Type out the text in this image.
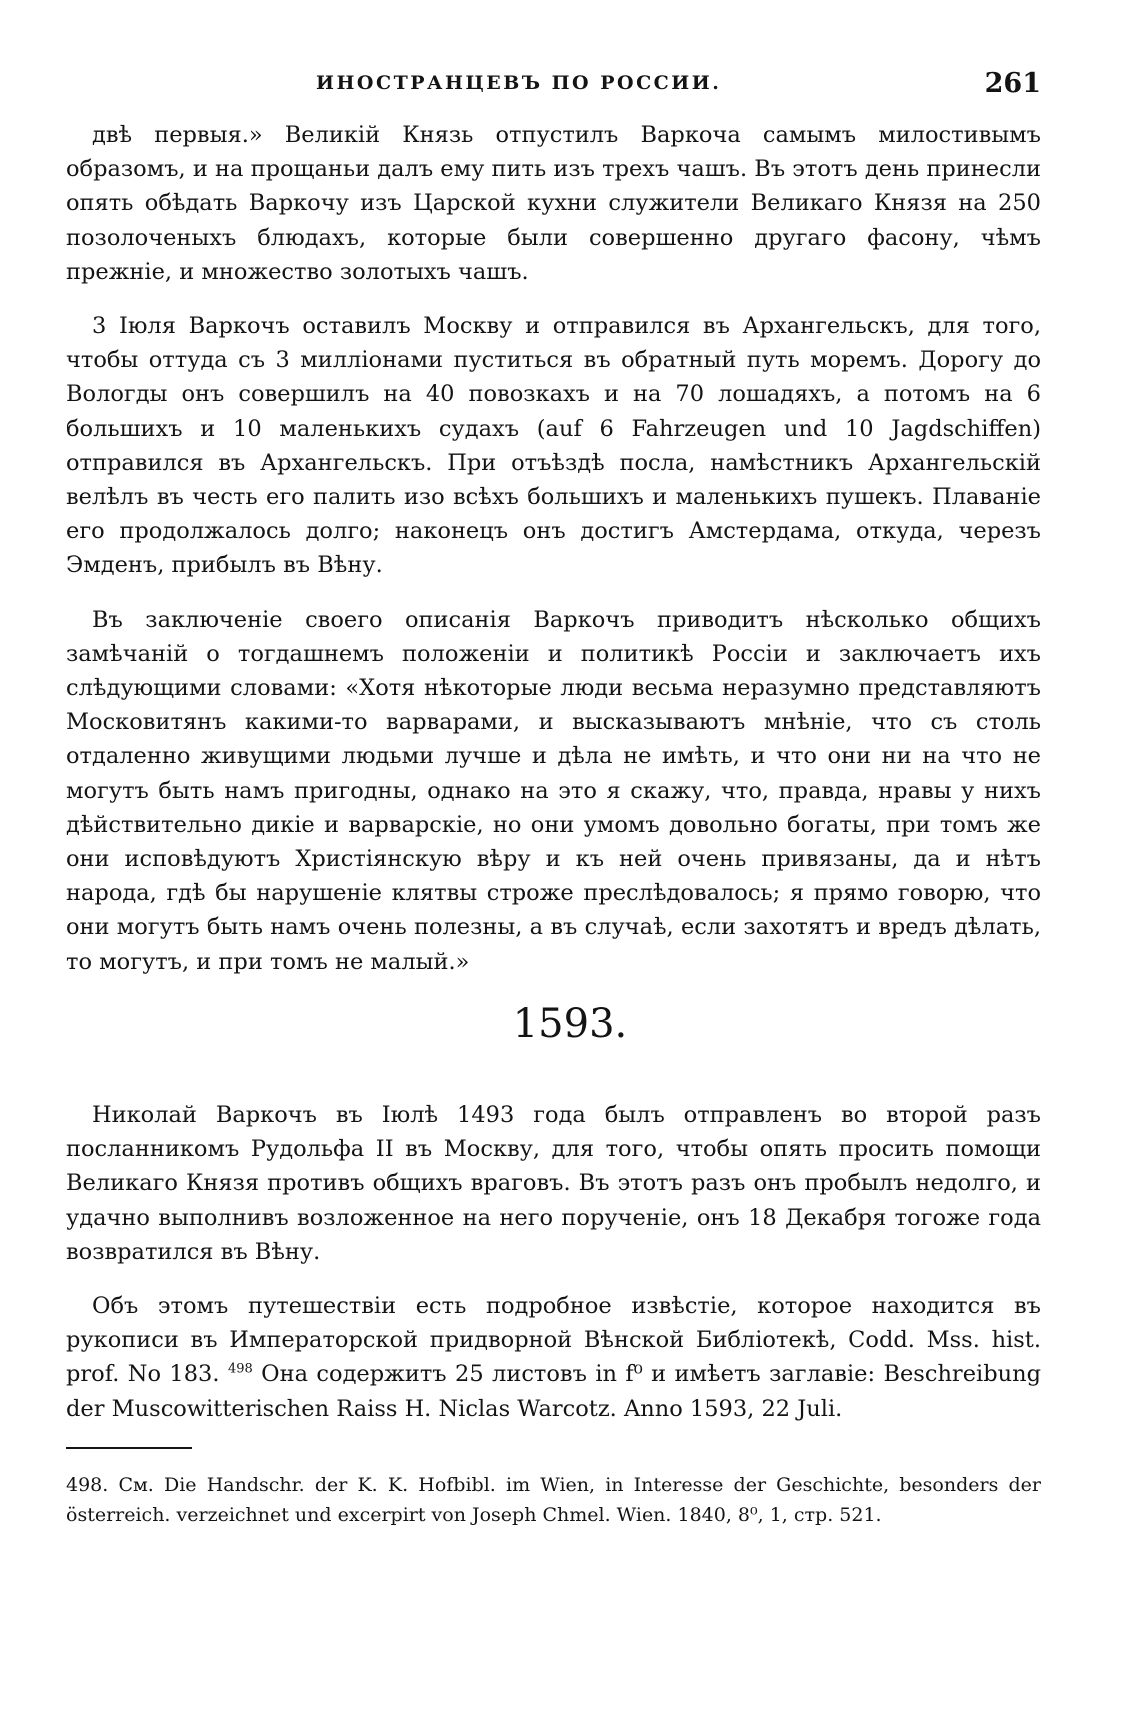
ИНОСТРАНЦЕВЪ ПО РОССИИ.	261

двѣ первыя.» Великій Князь отпустилъ Варкоча самымъ милостивымъ образомъ, и на прощаньи далъ ему пить изъ трехъ чашъ. Въ этотъ день принесли опять обѣдать Варкочу изъ Царской кухни служители Великаго Князя на 250 позолоченыхъ блюдахъ, которые были совершенно другаго фасону, чѣмъ прежніе, и множество золотыхъ чашъ.

3 Іюля Варкочъ оставилъ Москву и отправился въ Архангельскъ, для того, чтобы оттуда съ 3 милліонами пуститься въ обратный путь моремъ. Дорогу до Вологды онъ совершилъ на 40 повозкахъ и на 70 лошадяхъ, а потомъ на 6 большихъ и 10 маленькихъ судахъ (auf 6 Fahrzeugen und 10 Jagdschiffen) отправился въ Архангельскъ. При отъѣздѣ посла, намѣстникъ Архангельскій велѣлъ въ честь его палить изо всѣхъ большихъ и маленькихъ пушекъ. Плаваніе его продолжалось долго; наконецъ онъ достигъ Амстердама, откуда, черезъ Эмденъ, прибылъ въ Вѣну.

Въ заключеніе своего описанія Варкочъ приводитъ нѣсколько общихъ замѣчаній о тогдашнемъ положеніи и политикѣ Россіи и заключаетъ ихъ слѣдующими словами: «Хотя нѣкоторые люди весьма неразумно представляютъ Московитянъ какими-то варварами, и высказываютъ мнѣніе, что съ столь отдаленно живущими людьми лучше и дѣла не имѣть, и что они ни на что не могутъ быть намъ пригодны, однако на это я скажу, что, правда, нравы у нихъ дѣйствительно дикіе и варварскіе, но они умомъ довольно богаты, при томъ же они исповѣдуютъ Христіянскую вѣру и къ ней очень привязаны, да и нѣтъ народа, гдѣ бы нарушеніе клятвы строже преслѣдовалось; я прямо говорю, что они могутъ быть намъ очень полезны, а въ случаѣ, если захотятъ и вредъ дѣлать, то могутъ, и при томъ не малый.»

1593.

Николай Варкочъ въ Іюлѣ 1493 года былъ отправленъ во второй разъ посланникомъ Рудольфа II въ Москву, для того, чтобы опять просить помощи Великаго Князя противъ общихъ враговъ. Въ этотъ разъ онъ пробылъ недолго, и удачно выполнивъ возложенное на него порученіе, онъ 18 Декабря тогоже года возвратился въ Вѣну.

Объ этомъ путешествіи есть подробное извѣстіе, которое находится въ рукописи въ Императорской придворной Вѣнской Библіотекѣ, Codd. Mss. hist. prof. No 183. $^{498}$ Она содержитъ 25 листовъ in f⁰ и имѣетъ заглавіе: Beschreibung der Muscowitterischen Raiss H. Niclas Warcotz. Anno 1593, 22 Juli.

498. См. Die Handschr. der K. K. Hofbibl. im Wien, in Interesse der Geschichte, besonders der österreich. verzeichnet und excerpirt von Joseph Chmel. Wien. 1840, 8⁰, 1, стр. 521.
